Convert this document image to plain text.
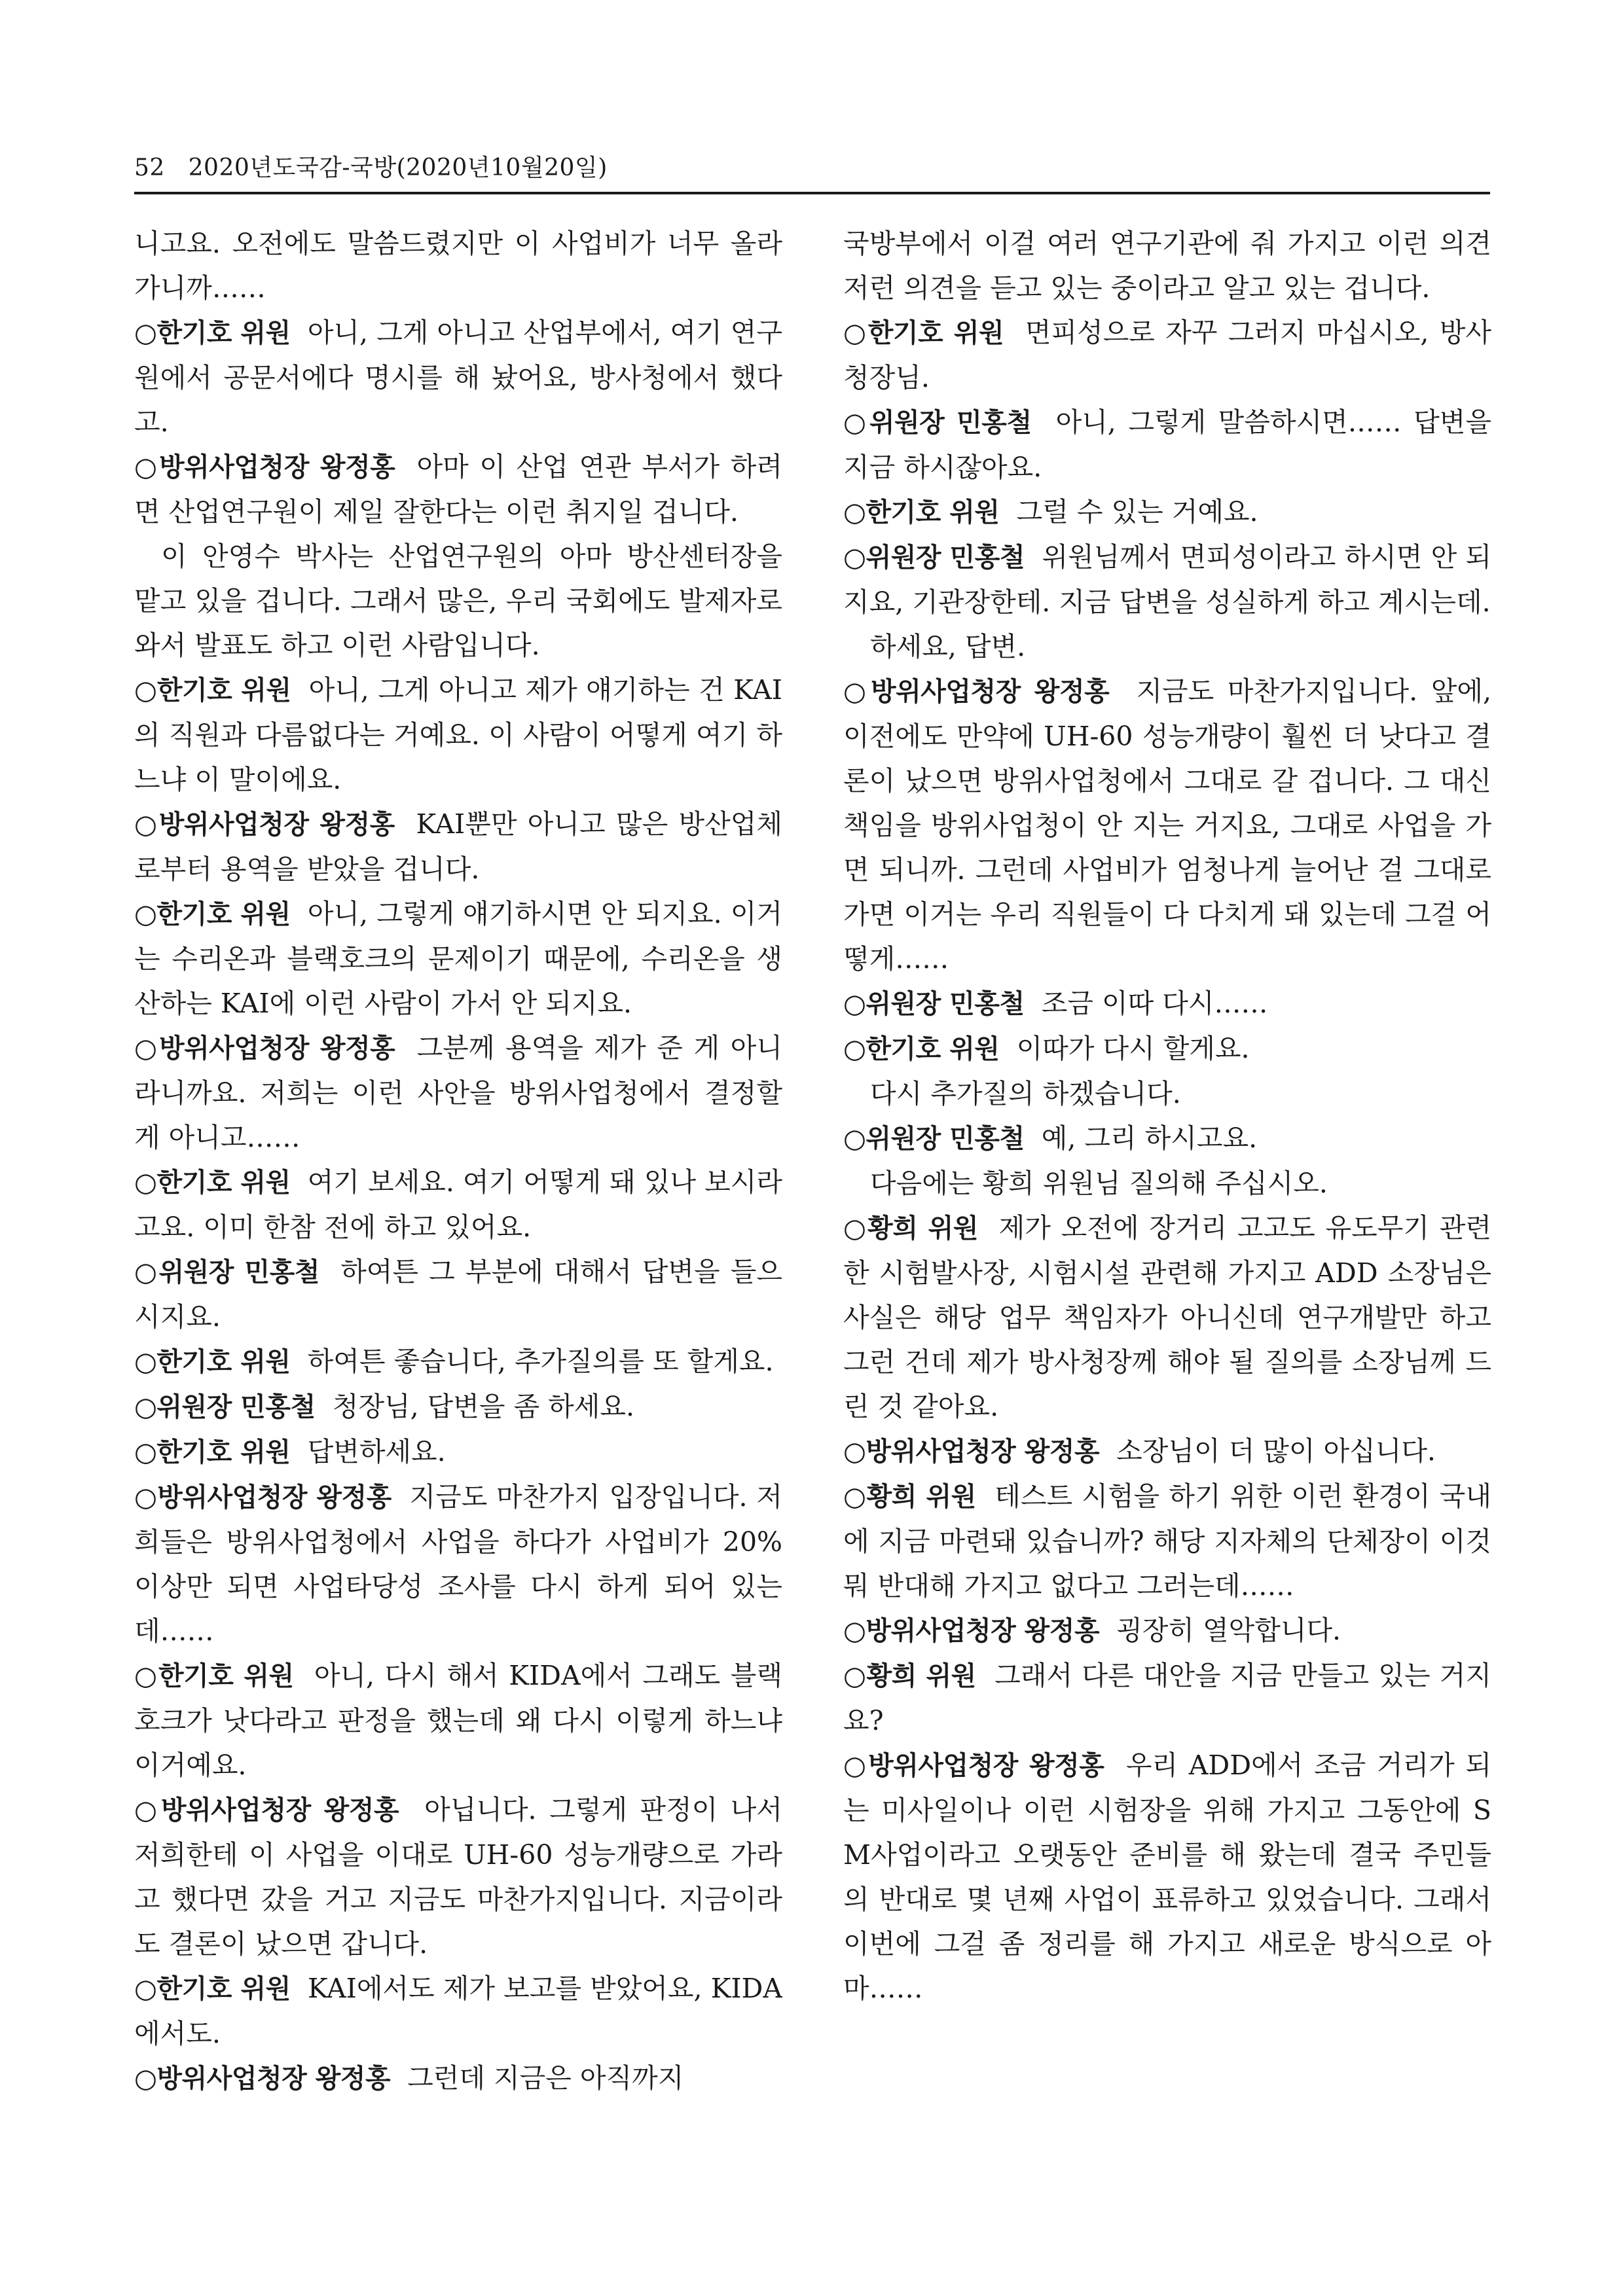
52 2020년도국감-국방(2020년10월20일)

니고요. 오전에도 말씀드렸지만 이 사업비가 너무 올라가니까……

○한기호 위원 아니, 그게 아니고 산업부에서, 여기 연구원에서 공문서에다 명시를 해 놨어요, 방사청에서 했다고.

○방위사업청장 왕정홍 아마 이 산업 연관 부서가 하려면 산업연구원이 제일 잘한다는 이런 취지일 겁니다.

이 안영수 박사는 산업연구원의 아마 방산센터장을 맡고 있을 겁니다. 그래서 많은, 우리 국회에도 발제자로 와서 발표도 하고 이런 사람입니다.

○한기호 위원 아니, 그게 아니고 제가 얘기하는 건 KAI의 직원과 다름없다는 거예요. 이 사람이 어떻게 여기 하느냐 이 말이에요.

○방위사업청장 왕정홍 KAI뿐만 아니고 많은 방산업체로부터 용역을 받았을 겁니다.

○한기호 위원 아니, 그렇게 얘기하시면 안 되지요. 이거는 수리온과 블랙호크의 문제이기 때문에, 수리온을 생산하는 KAI에 이런 사람이 가서 안 되지요.

○방위사업청장 왕정홍 그분께 용역을 제가 준 게 아니라니까요. 저희는 이런 사안을 방위사업청에서 결정할 게 아니고……

○한기호 위원 여기 보세요. 여기 어떻게 돼 있나 보시라고요. 이미 한참 전에 하고 있어요.

○위원장 민홍철 하여튼 그 부분에 대해서 답변을 들으시지요.

○한기호 위원 하여튼 좋습니다, 추가질의를 또 할게요.

○위원장 민홍철 청장님, 답변을 좀 하세요.

○한기호 위원 답변하세요.

○방위사업청장 왕정홍 지금도 마찬가지 입장입니다. 저희들은 방위사업청에서 사업을 하다가 사업비가 20% 이상만 되면 사업타당성 조사를 다시 하게 되어 있는데……

○한기호 위원 아니, 다시 해서 KIDA에서 그래도 블랙호크가 낫다라고 판정을 했는데 왜 다시 이렇게 하느냐 이거예요.

○방위사업청장 왕정홍 아닙니다. 그렇게 판정이 나서 저희한테 이 사업을 이대로 UH-60 성능개량으로 가라고 했다면 갔을 거고 지금도 마찬가지입니다. 지금이라도 결론이 났으면 갑니다.

○한기호 위원 KAI에서도 제가 보고를 받았어요, KIDA에서도.

○방위사업청장 왕정홍 그런데 지금은 아직까지

국방부에서 이걸 여러 연구기관에 줘 가지고 이런 의견 저런 의견을 듣고 있는 중이라고 알고 있는 겁니다.

○한기호 위원 면피성으로 자꾸 그러지 마십시오, 방사청장님.

○위원장 민홍철 아니, 그렇게 말씀하시면…… 답변을 지금 하시잖아요.

○한기호 위원 그럴 수 있는 거예요.

○위원장 민홍철 위원님께서 면피성이라고 하시면 안 되지요, 기관장한테. 지금 답변을 성실하게 하고 계시는데.

하세요, 답변.

○방위사업청장 왕정홍 지금도 마찬가지입니다. 앞에, 이전에도 만약에 UH-60 성능개량이 훨씬 더 낫다고 결론이 났으면 방위사업청에서 그대로 갈 겁니다. 그 대신 책임을 방위사업청이 안 지는 거지요, 그대로 사업을 가면 되니까. 그런데 사업비가 엄청나게 늘어난 걸 그대로 가면 이거는 우리 직원들이 다 다치게 돼 있는데 그걸 어떻게……

○위원장 민홍철 조금 이따 다시……

○한기호 위원 이따가 다시 할게요.

다시 추가질의 하겠습니다.

○위원장 민홍철 예, 그리 하시고요.

다음에는 황희 위원님 질의해 주십시오.

○황희 위원 제가 오전에 장거리 고고도 유도무기 관련한 시험발사장, 시험시설 관련해 가지고 ADD 소장님은 사실은 해당 업무 책임자가 아니신데 연구개발만 하고 그런 건데 제가 방사청장께 해야 될 질의를 소장님께 드린 것 같아요.

○방위사업청장 왕정홍 소장님이 더 많이 아십니다.

○황희 위원 테스트 시험을 하기 위한 이런 환경이 국내에 지금 마련돼 있습니까? 해당 지자체의 단체장이 이것 뭐 반대해 가지고 없다고 그러는데……

○방위사업청장 왕정홍 굉장히 열악합니다.

○황희 위원 그래서 다른 대안을 지금 만들고 있는 거지요?

○방위사업청장 왕정홍 우리 ADD에서 조금 거리가 되는 미사일이나 이런 시험장을 위해 가지고 그동안에 SM사업이라고 오랫동안 준비를 해 왔는데 결국 주민들의 반대로 몇 년째 사업이 표류하고 있었습니다. 그래서 이번에 그걸 좀 정리를 해 가지고 새로운 방식으로 아마……
